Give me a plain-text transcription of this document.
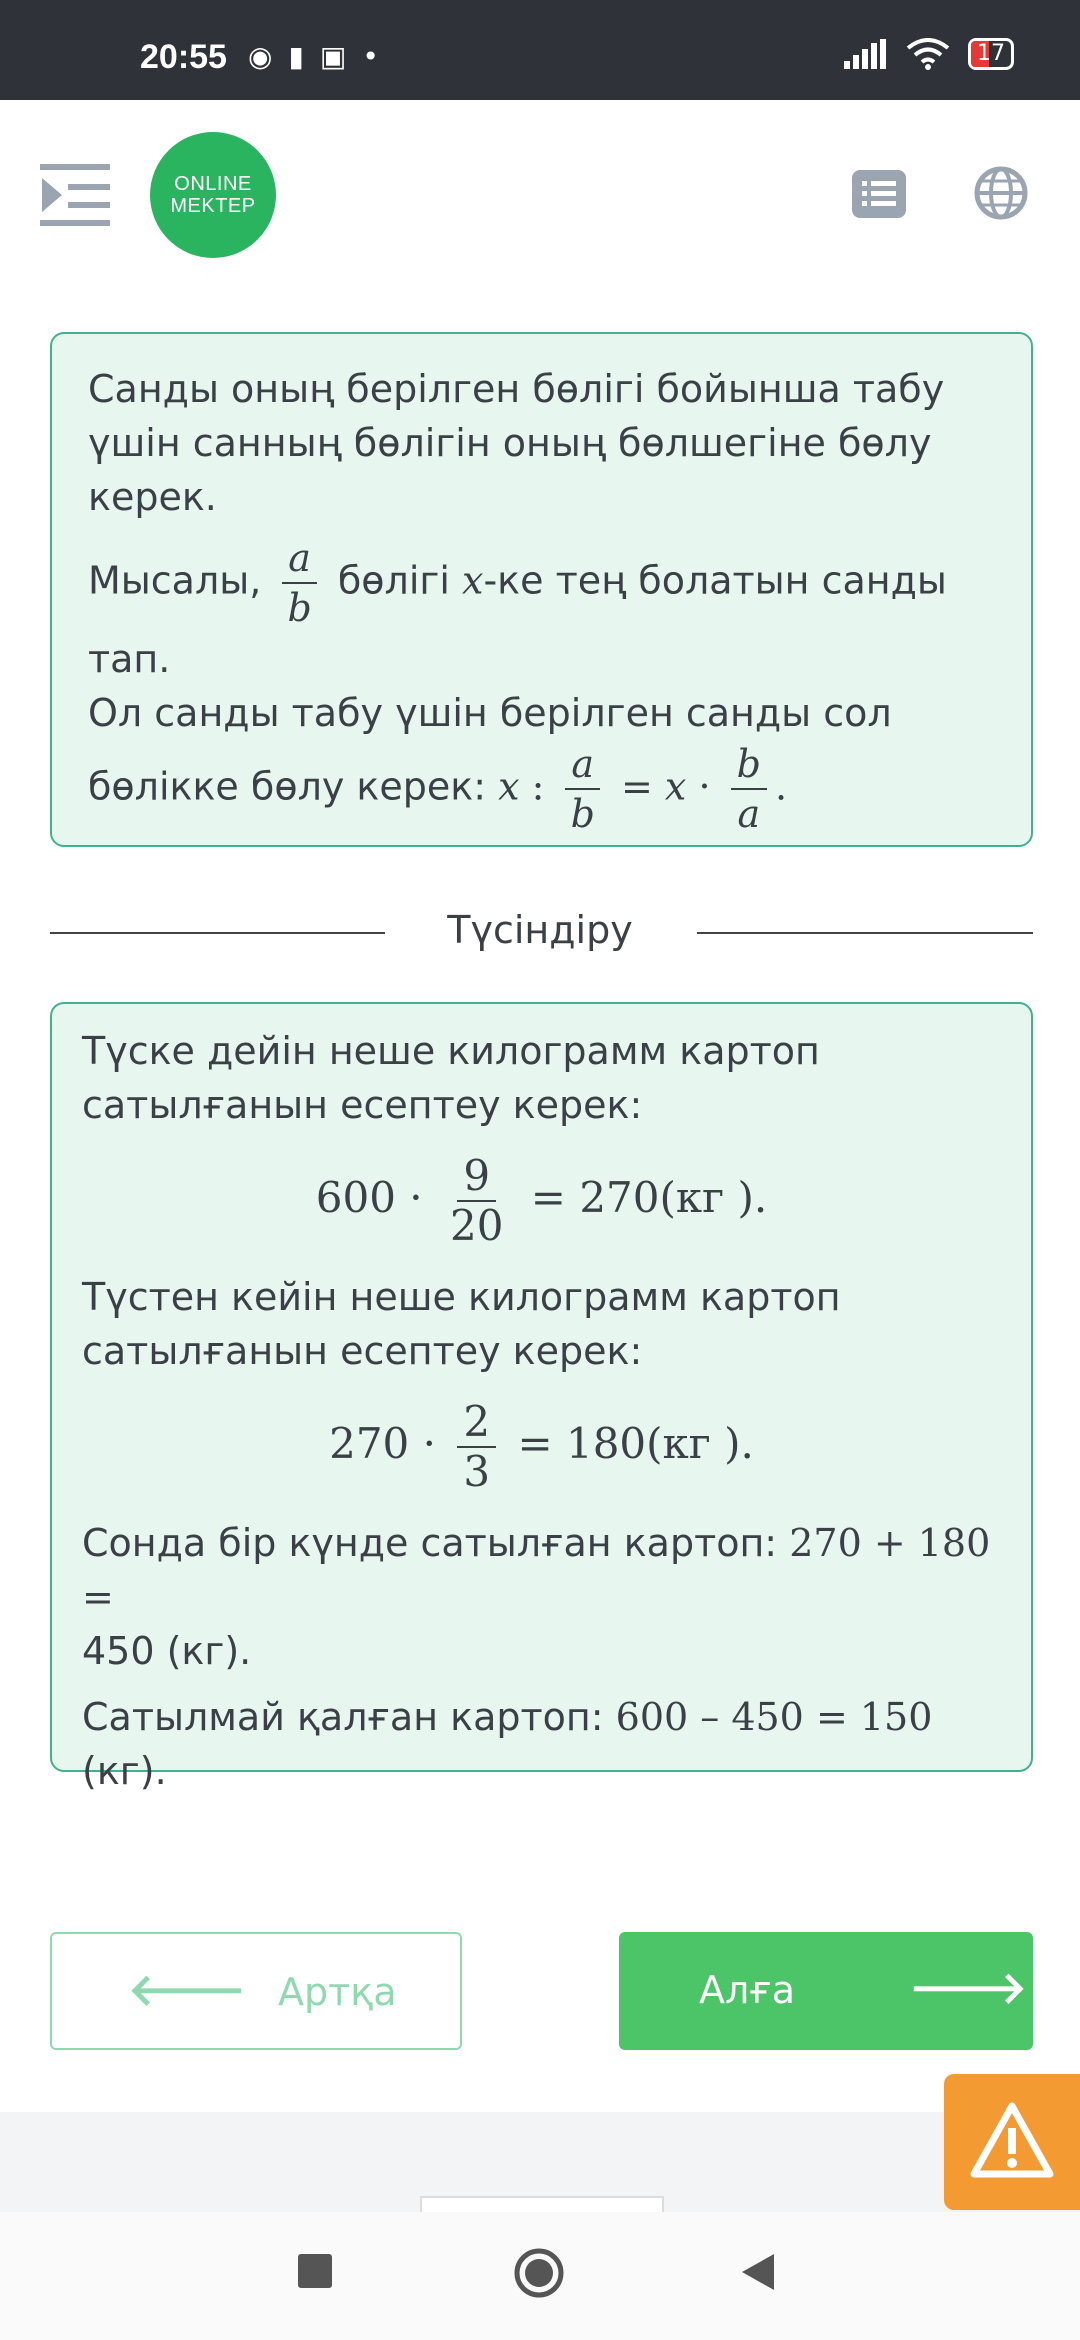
20:55 ◉ ▮ ▣ •	17
ONLINE
MEKTEP
Санды оның берілген бөлігі бойынша табу үшін санның бөлігін оның бөлшегіне бөлу керек.
Мысалы, $\frac{a}{b}$ бөлігі x-ке тең болатын санды тап.
Ол санды табу үшін берілген санды сол
бөлікке бөлу керек: x : $\frac{a}{b} = x \cdot \frac{b}{a}$ .
Түсіндіру
Түске дейін неше килограмм картоп сатылғанын есептеу керек:
$600 \cdot \frac{9}{20} = 270(кг$ ).
Түстен кейін неше килограмм картоп сатылғанын есептеу керек:
$270 \cdot \frac{2}{3} = 180(кг$ ).
Сонда бір күнде сатылған картоп: 270 + 180 =
450 (кг).
Сатылмай қалған картоп: 600 – 450 = 150 (кг).
🡐 Артқа	Алға	🡒
